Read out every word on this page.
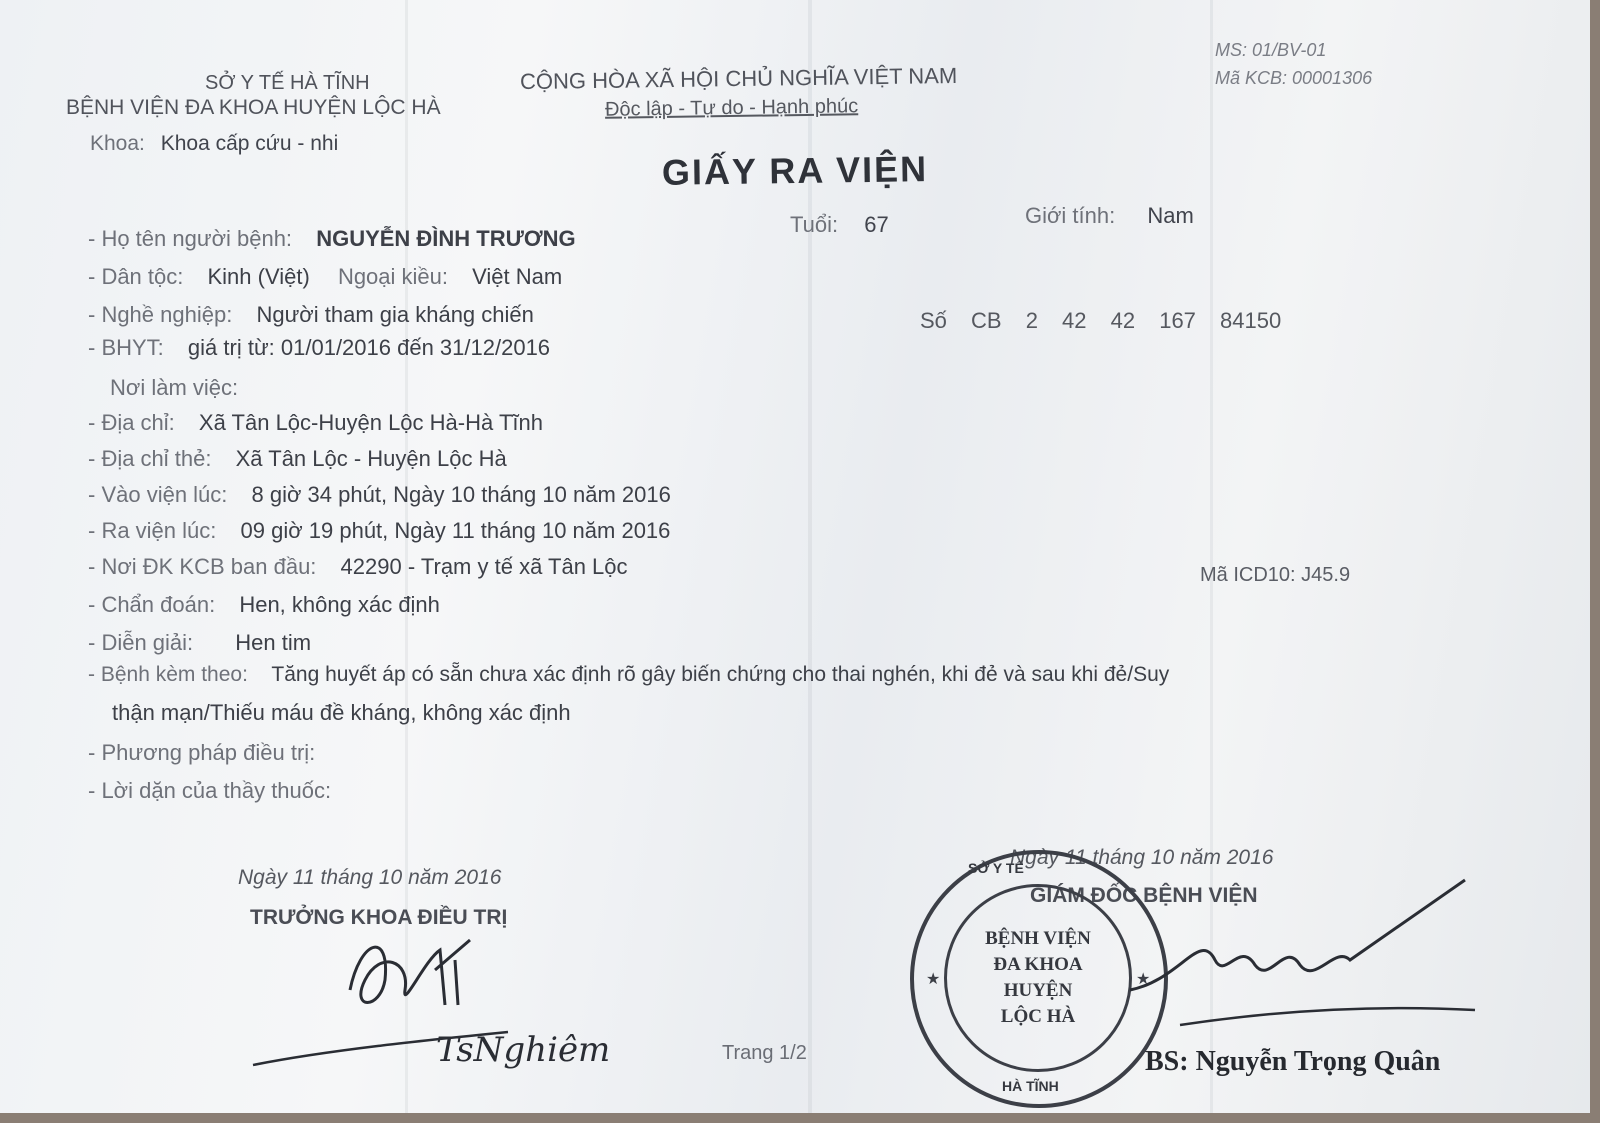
SỞ Y TẾ HÀ TĨNH
BỆNH VIỆN ĐA KHOA HUYỆN LỘC HÀ
Khoa: Khoa cấp cứu - nhi
CỘNG HÒA XÃ HỘI CHỦ NGHĨA VIỆT NAM
Độc lập - Tự do - Hạnh phúc
MS: 01/BV-01
Mã KCB: 00001306
GIẤY RA VIỆN
- Họ tên người bệnh: NGUYỄN ĐÌNH TRƯƠNG
Tuổi: 67	Giới tính: Nam
- Dân tộc: Kinh (Việt) Ngoại kiều: Việt Nam
- Nghề nghiệp: Người tham gia kháng chiến
- BHYT: giá trị từ: 01/01/2016 đến 31/12/2016
Số CB 2 42 42 167 84150
Nơi làm việc:
- Địa chỉ: Xã Tân Lộc-Huyện Lộc Hà-Hà Tĩnh
- Địa chỉ thẻ: Xã Tân Lộc - Huyện Lộc Hà
- Vào viện lúc: 8 giờ 34 phút, Ngày 10 tháng 10 năm 2016
- Ra viện lúc: 09 giờ 19 phút, Ngày 11 tháng 10 năm 2016
- Nơi ĐK KCB ban đầu: 42290 - Trạm y tế xã Tân Lộc	Mã ICD10: J45.9
- Chẩn đoán: Hen, không xác định
- Diễn giải: Hen tim
- Bệnh kèm theo: Tăng huyết áp có sẵn chưa xác định rõ gây biến chứng cho thai nghén, khi đẻ và sau khi đẻ/Suy
thận mạn/Thiếu máu đề kháng, không xác định
- Phương pháp điều trị:
- Lời dặn của thầy thuốc:
Ngày 11 tháng 10 năm 2016
TRƯỞNG KHOA ĐIỀU TRỊ
TsNghiêm	Trang 1/2
Ngày 11 tháng 10 năm 2016
GIÁM ĐỐC BỆNH VIỆN
SỞ Y TẾ
HÀ TĨNH
★	★
BỆNH VIỆN
ĐA KHOA
HUYỆN
LỘC HÀ
BS: Nguyễn Trọng Quân
